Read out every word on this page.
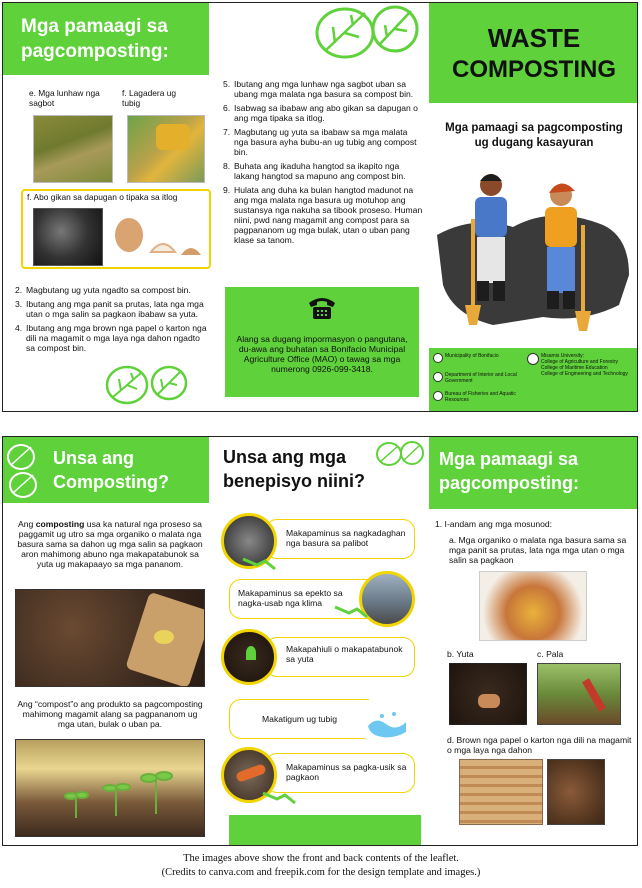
Mga pamaagi sa pagcomposting:
e. Mga lunhaw nga sagbot
f. Lagadera ug tubig
f. Abo gikan sa dapugan o tipaka sa itlog
2. Magbutang ug yuta ngadto sa compost bin.
3. Ibutang ang mga panit sa prutas, lata nga mga utan o mga salin sa pagkaon ibabaw sa yuta.
4. Ibutang ang mga brown nga papel o karton nga dili na magamit o mga laya nga dahon ngadto sa compost bin.
5. Ibutang ang mga lunhaw nga sagbot uban sa ubang mga malata nga basura sa compost bin.
6. Isabwag sa ibabaw ang abo gikan sa dapugan o ang mga tipaka sa itlog.
7. Magbutang ug yuta sa ibabaw sa mga malata nga basura ayha bubu-an ug tubig ang compost bin.
8. Buhata ang ikaduha hangtod sa ikapito nga lakang hangtod sa mapuno ang compost bin.
9. Hulata ang duha ka bulan hangtod madunot na ang mga malata nga basura ug motuhop ang sustansya nga nakuha sa tibook proseso. Human niini, pwd nang magamit ang compost para sa pagpananom ug mga bulak, utan o uban pang klase sa tanom.
Alang sa dugang impormasyon o pangutana, du-awa ang buhatan sa Bonifacio Municipal Agriculture Office (MAO) o tawag sa mga numerong 0926-099-3418.
WASTE
COMPOSTING
Mga pamaagi sa pagcomposting ug dugang kasayuran
Municipality of Bonifacio
Department of Interior and Local Government
Bureau of Fisheries and Aquatic Resources
Misamis University:
College of Agriculture and Forestry
College of Maritime Education
College of Engineering and Technology
Unsa ang Composting?
Ang composting usa ka natural nga proseso sa paggamit ug utro sa mga organiko o malata nga basura sama sa dahon ug mga salin sa pagkaon aron mahimong abuno nga makapatabunok sa yuta ug makapaayo sa mga pananom.
Ang “compost”o ang produkto sa pagcomposting mahimong magamit alang sa pagpananom ug mga utan, bulak o uban pa.
Unsa ang mga benepisyo niini?
Makapaminus sa nagkadaghan nga basura sa palibot
Makapaminus sa epekto sa nagka-usab nga klima
Makapahiuli o makapatabunok sa yuta
Makatigum ug tubig
Makapaminus sa pagka-usik sa pagkaon
Mga pamaagi sa pagcomposting:
1. I-andam ang mga mosunod:
a. Mga organiko o malata nga basura sama sa mga panit sa prutas, lata nga mga utan o mga salin sa pagkaon
b. Yuta	c. Pala
d. Brown nga papel o karton nga dili na magamit o mga laya nga dahon
The images above show the front and back contents of the leaflet.
(Credits to canva.com and freepik.com for the design template and images.)
